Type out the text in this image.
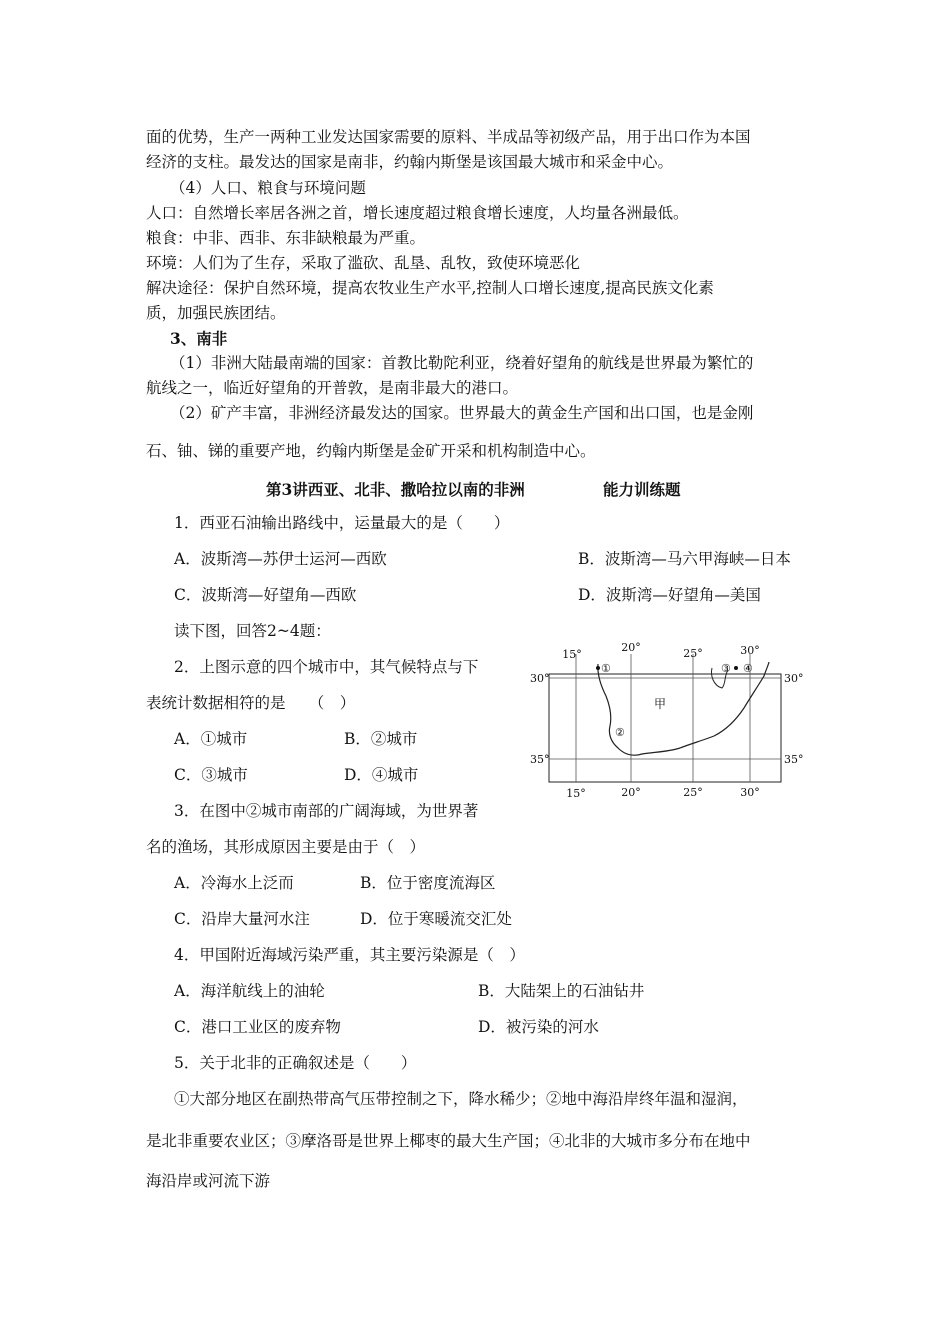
面的优势，生产一两种工业发达国家需要的原料、半成品等初级产品，用于出口作为本国
经济的支柱。最发达的国家是南非，约翰内斯堡是该国最大城市和采金中心。
（4）人口、粮食与环境问题
人口：自然增长率居各洲之首，增长速度超过粮食增长速度，人均量各洲最低。
粮食：中非、西非、东非缺粮最为严重。
环境：人们为了生存，采取了滥砍、乱垦、乱牧，致使环境恶化
解决途径：保护自然环境，提高农牧业生产水平,控制人口增长速度,提高民族文化素
质，加强民族团结。
3、南非
（1）非洲大陆最南端的国家：首教比勒陀利亚，绕着好望角的航线是世界最为繁忙的
航线之一，临近好望角的开普敦，是南非最大的港口。
（2）矿产丰富，非洲经济最发达的国家。世界最大的黄金生产国和出口国，也是金刚
石、铀、锑的重要产地，约翰内斯堡是金矿开采和机构制造中心。
第3讲西亚、北非、撒哈拉以南的非洲	能力训练题
1．西亚石油输出路线中，运量最大的是（　　）
A．波斯湾—苏伊士运河—西欧	B．波斯湾—马六甲海峡—日本
C．波斯湾—好望角—西欧	D．波斯湾—好望角—美国
读下图，回答2~4题：
2．上图示意的四个城市中，其气候特点与下
表统计数据相符的是　　（　）
A．①城市	B．②城市
C．③城市	D．④城市
3．在图中②城市南部的广阔海域，为世界著
名的渔场，其形成原因主要是由于（　）
A．冷海水上泛而	B．位于密度流海区
C．沿岸大量河水注	D．位于寒暖流交汇处
4．甲国附近海域污染严重，其主要污染源是（　）
A．海洋航线上的油轮	B．大陆架上的石油钻井
C．港口工业区的废弃物	D．被污染的河水
5．关于北非的正确叙述是（　　）
①大部分地区在副热带高气压带控制之下，降水稀少；②地中海沿岸终年温和湿润，
是北非重要农业区；③摩洛哥是世界上椰枣的最大生产国；④北非的大城市多分布在地中
海沿岸或河流下游
15°
20°	25°	30°
15°	20°	25°	30°
30°
35°
30°
35°
甲
①
②
③ ④
